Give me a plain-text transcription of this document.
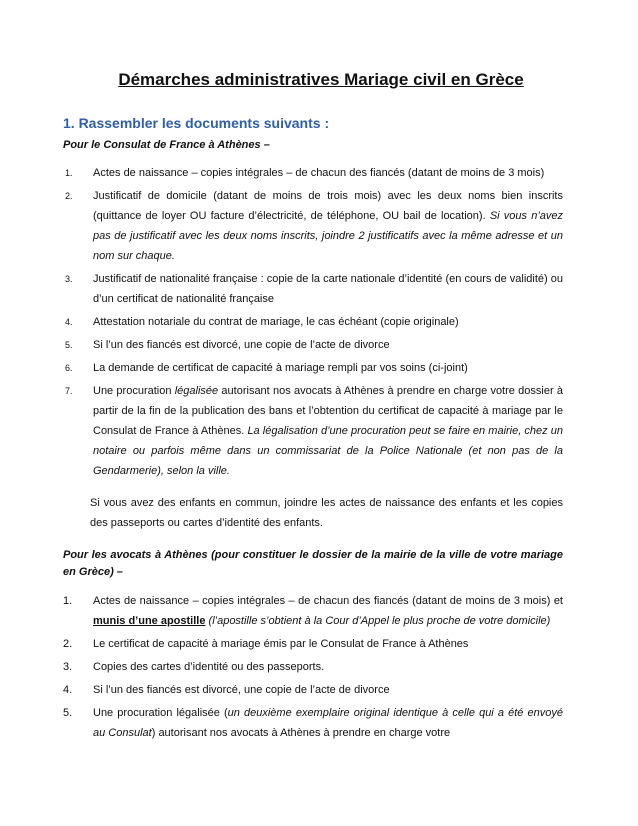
Démarches administratives Mariage civil en Grèce
1. Rassembler les documents suivants :
Pour le Consulat de France à Athènes –
1. Actes de naissance – copies intégrales – de chacun des fiancés (datant de moins de 3 mois)
2. Justificatif de domicile (datant de moins de trois mois) avec les deux noms bien inscrits (quittance de loyer OU facture d’électricité, de téléphone, OU bail de location). Si vous n’avez pas de justificatif avec les deux noms inscrits, joindre 2 justificatifs avec la même adresse et un nom sur chaque.
3. Justificatif de nationalité française : copie de la carte nationale d’identité (en cours de validité) ou d’un certificat de nationalité française
4. Attestation notariale du contrat de mariage, le cas échéant (copie originale)
5. Si l’un des fiancés est divorcé, une copie de l’acte de divorce
6. La demande de certificat de capacité à mariage rempli par vos soins (ci-joint)
7. Une procuration légalisée autorisant nos avocats à Athènes à prendre en charge votre dossier à partir de la fin de la publication des bans et l’obtention du certificat de capacité à mariage par le Consulat de France à Athènes. La légalisation d’une procuration peut se faire en mairie, chez un notaire ou parfois même dans un commissariat de la Police Nationale (et non pas de la Gendarmerie), selon la ville.

Si vous avez des enfants en commun, joindre les actes de naissance des enfants et les copies des passeports ou cartes d’identité des enfants.

Pour les avocats à Athènes (pour constituer le dossier de la mairie de la ville de votre mariage en Grèce) –
1. Actes de naissance – copies intégrales – de chacun des fiancés (datant de moins de 3 mois) et munis d’une apostille (l’apostille s’obtient à la Cour d’Appel le plus proche de votre domicile)
2. Le certificat de capacité à mariage émis par le Consulat de France à Athènes
3. Copies des cartes d’identité ou des passeports.
4. Si l’un des fiancés est divorcé, une copie de l’acte de divorce
5. Une procuration légalisée (un deuxième exemplaire original identique à celle qui a été envoyé au Consulat) autorisant nos avocats à Athènes à prendre en charge votre
